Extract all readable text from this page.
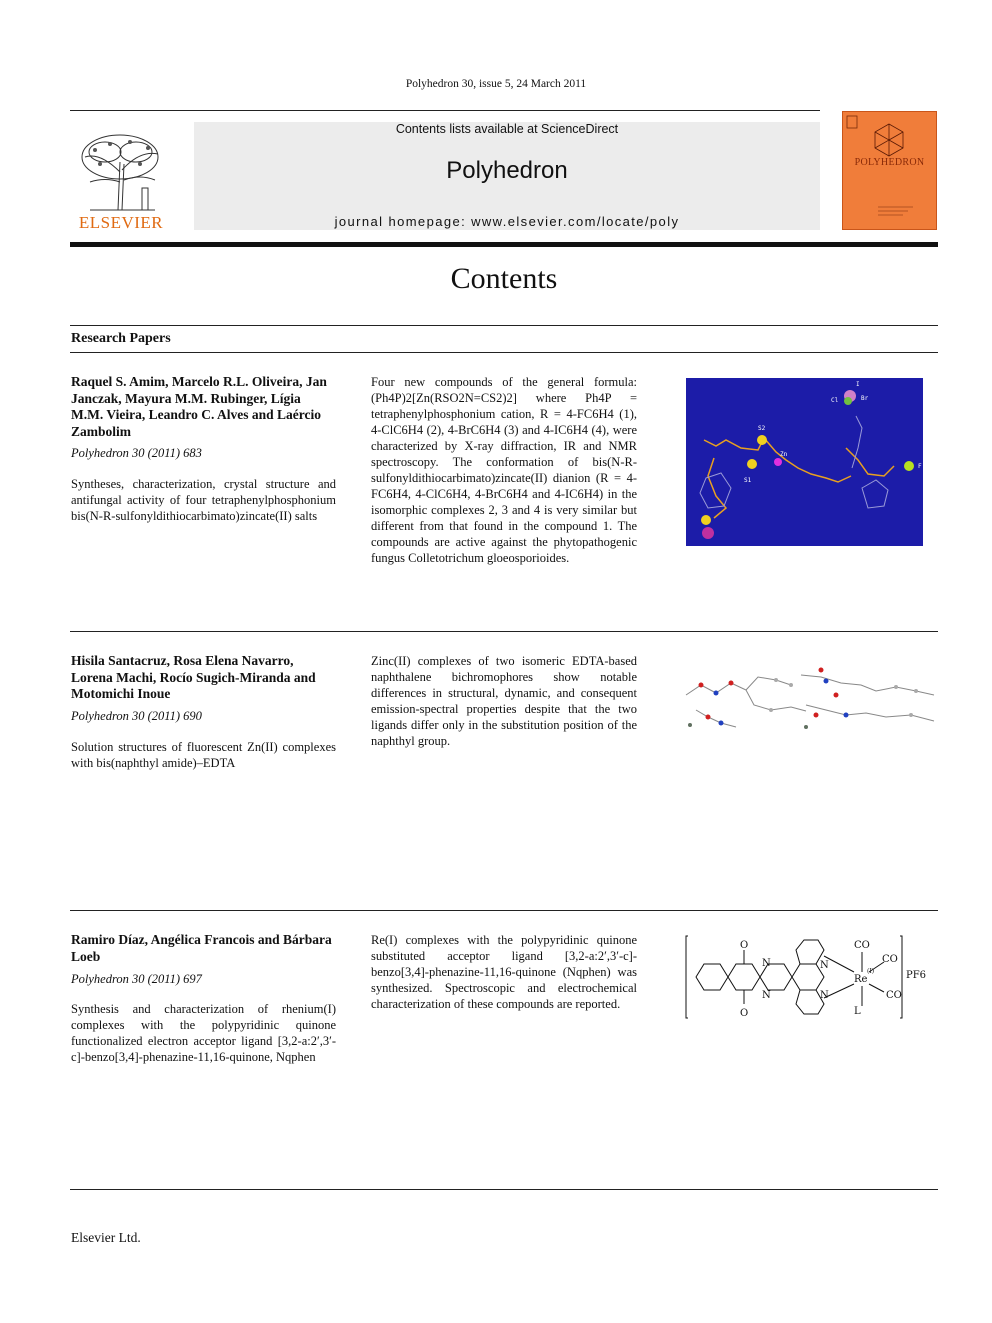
Polyhedron 30, issue 5, 24 March 2011
ELSEVIER
Contents lists available at ScienceDirect
Polyhedron
journal homepage: www.elsevier.com/locate/poly
POLYHEDRON
Contents
Research Papers
Raquel S. Amim, Marcelo R.L. Oliveira, Jan Janczak, Mayura M.M. Rubinger, Lígia M.M. Vieira, Leandro C. Alves and Laércio Zambolim
Polyhedron 30 (2011) 683
Syntheses, characterization, crystal structure and antifungal activity of four tetraphenylphosphonium bis(N-R-sulfonyldithiocarbimato)zincate(II) salts
Four new compounds of the general formula: (Ph4P)2[Zn(RSO2N=CS2)2] where Ph4P = tetraphenylphosphonium cation, R = 4-FC6H4 (1), 4-ClC6H4 (2), 4-BrC6H4 (3) and 4-IC6H4 (4), were characterized by X-ray diffraction, IR and NMR spectroscopy. The conformation of bis(N-R-sulfonyldithiocarbimato)zincate(II) dianion (R = 4-FC6H4, 4-ClC6H4, 4-BrC6H4 and 4-IC6H4) in the isomorphic complexes 2, 3 and 4 is very similar but different from that found in the compound 1. The compounds are active against the phytopathogenic fungus Colletotrichum gloeosporioides.
I
Cl	Br
S2
Zn
S1
F
Hisila Santacruz, Rosa Elena Navarro, Lorena Machi, Rocío Sugich-Miranda and Motomichi Inoue
Polyhedron 30 (2011) 690
Solution structures of fluorescent Zn(II) complexes with bis(naphthyl amide)–EDTA
Zinc(II) complexes of two isomeric EDTA-based naphthalene bichromophores show notable differences in structural, dynamic, and consequent emission-spectral properties despite that the two ligands differ only in the substitution position of the naphthyl group.
Ramiro Díaz, Angélica Francois and Bárbara Loeb
Polyhedron 30 (2011) 697
Synthesis and characterization of rhenium(I) complexes with the polypyridinic quinone functionalized electron acceptor ligand [3,2-a:2′,3′-c]-benzo[3,4]-phenazine-11,16-quinone, Nqphen
Re(I) complexes with the polypyridinic quinone substituted acceptor ligand [3,2-a:2′,3′-c]-benzo[3,4]-phenazine-11,16-quinone (Nqphen) was synthesized. Spectroscopic and electrochemical characterization of these compounds are reported.
O
O
N
N
N
N
Re
(I)
CO
CO
CO
L
PF6
Elsevier Ltd.
